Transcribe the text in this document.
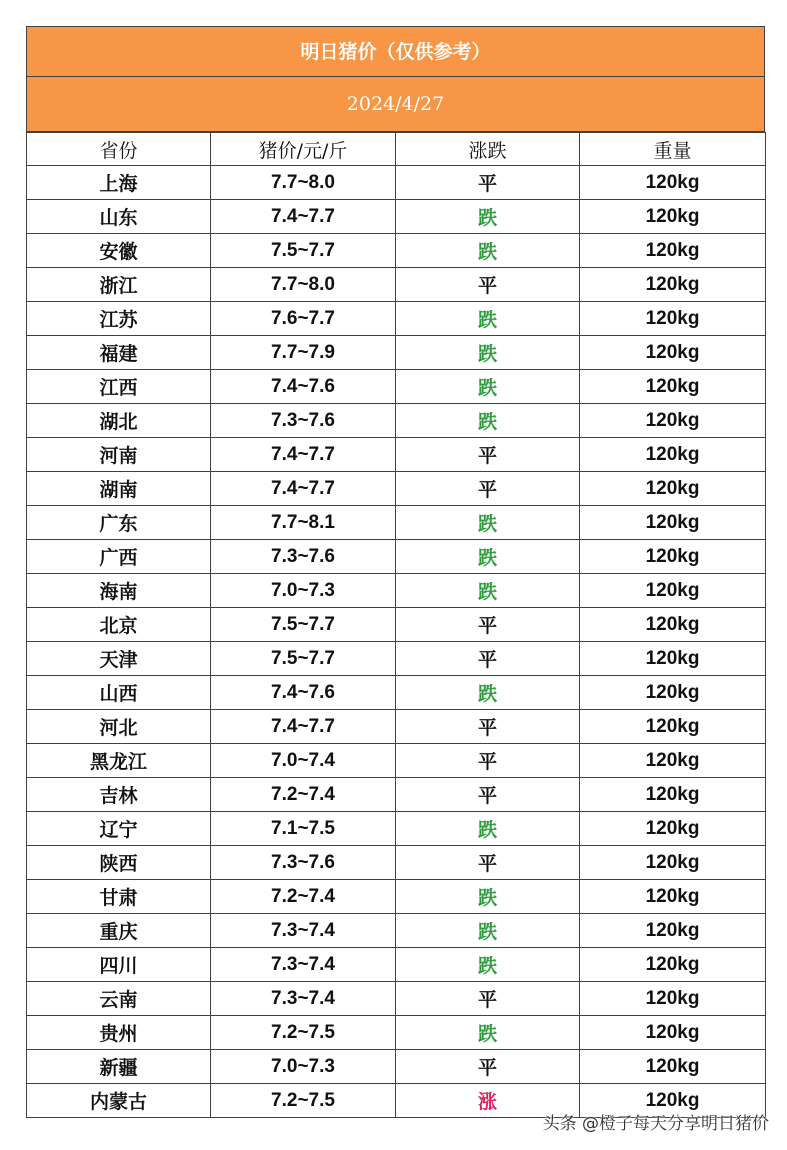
明日猪价（仅供参考）
2024/4/27
省份	猪价/元/斤	涨跌	重量
上海	7.7~8.0	平	120kg
山东	7.4~7.7	跌	120kg
安徽	7.5~7.7	跌	120kg
浙江	7.7~8.0	平	120kg
江苏	7.6~7.7	跌	120kg
福建	7.7~7.9	跌	120kg
江西	7.4~7.6	跌	120kg
湖北	7.3~7.6	跌	120kg
河南	7.4~7.7	平	120kg
湖南	7.4~7.7	平	120kg
广东	7.7~8.1	跌	120kg
广西	7.3~7.6	跌	120kg
海南	7.0~7.3	跌	120kg
北京	7.5~7.7	平	120kg
天津	7.5~7.7	平	120kg
山西	7.4~7.6	跌	120kg
河北	7.4~7.7	平	120kg
黑龙江	7.0~7.4	平	120kg
吉林	7.2~7.4	平	120kg
辽宁	7.1~7.5	跌	120kg
陕西	7.3~7.6	平	120kg
甘肃	7.2~7.4	跌	120kg
重庆	7.3~7.4	跌	120kg
四川	7.3~7.4	跌	120kg
云南	7.3~7.4	平	120kg
贵州	7.2~7.5	跌	120kg
新疆	7.0~7.3	平	120kg
内蒙古	7.2~7.5	涨	120kg
头条 @橙子每天分享明日猪价
